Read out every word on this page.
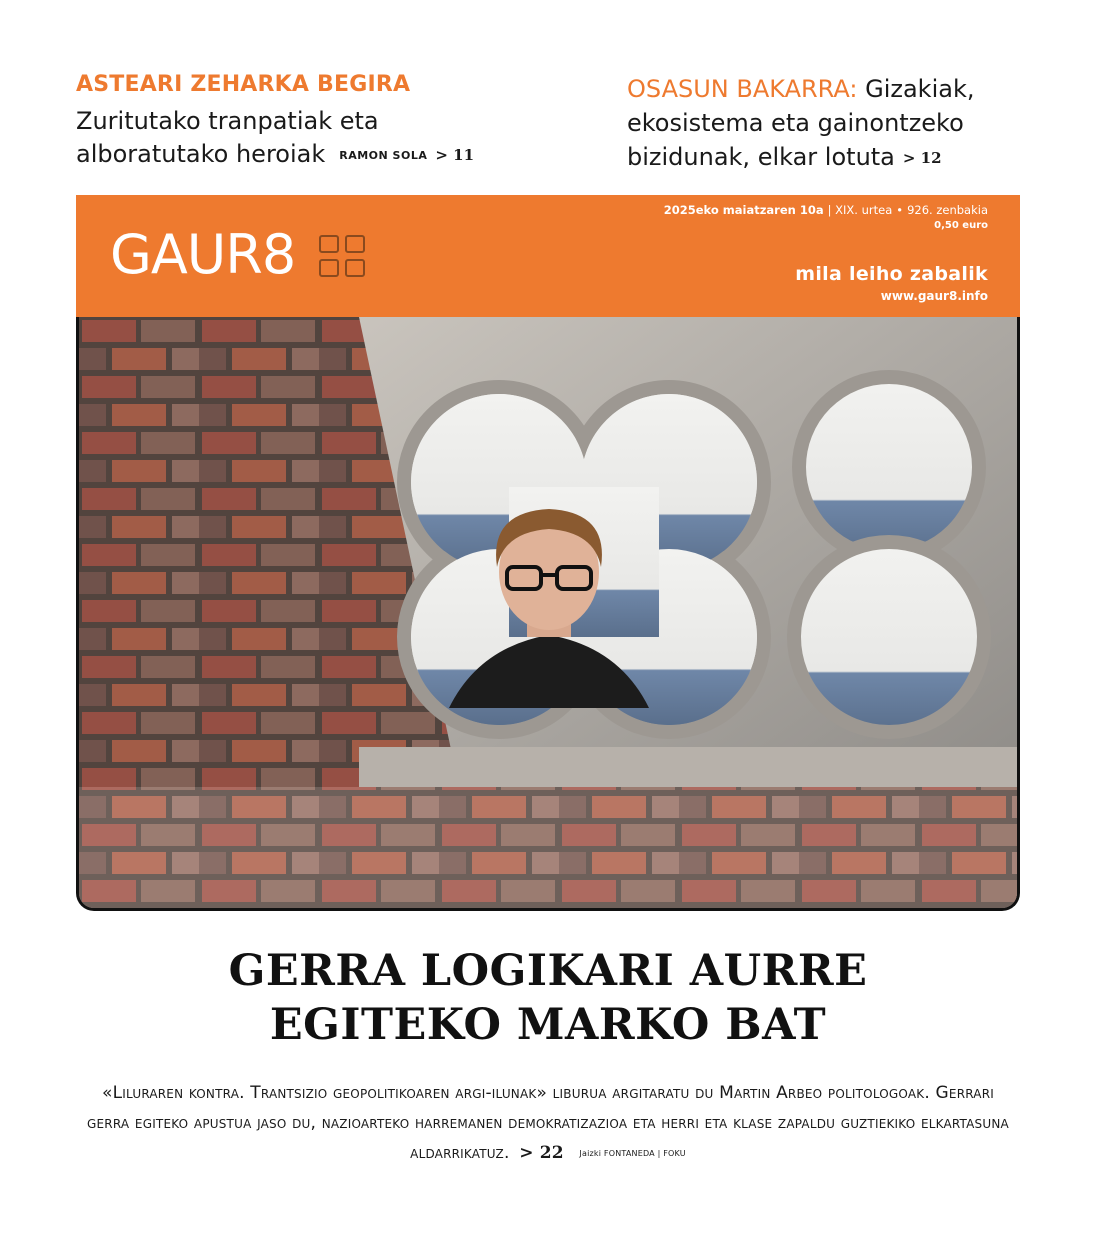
ASTEARI ZEHARKA BEGIRA
Zuritutako tranpatiak eta
alboratutako heroiak RAMON SOLA > 11
OSASUN BAKARRA: Gizakiak,
ekosistema eta gainontzeko
bizidunak, elkar lotuta > 12
GAUR8
2025eko maiatzaren 10a | XIX. urtea • 926. zenbakia
0,50 euro
mila leiho zabalik
www.gaur8.info
GERRA LOGIKARI AURRE
EGITEKO MARKO BAT
«Liluraren kontra. Trantsizio geopolitikoaren argi-ilunak» liburua argitaratu du Martin Arbeo politologoak. Gerrari gerra egiteko apustua jaso du, nazioarteko harremanen demokratizazioa eta herri eta klase zapaldu guztiekiko elkartasuna aldarrikatuz. > 22 Jaizki FONTANEDA | FOKU
